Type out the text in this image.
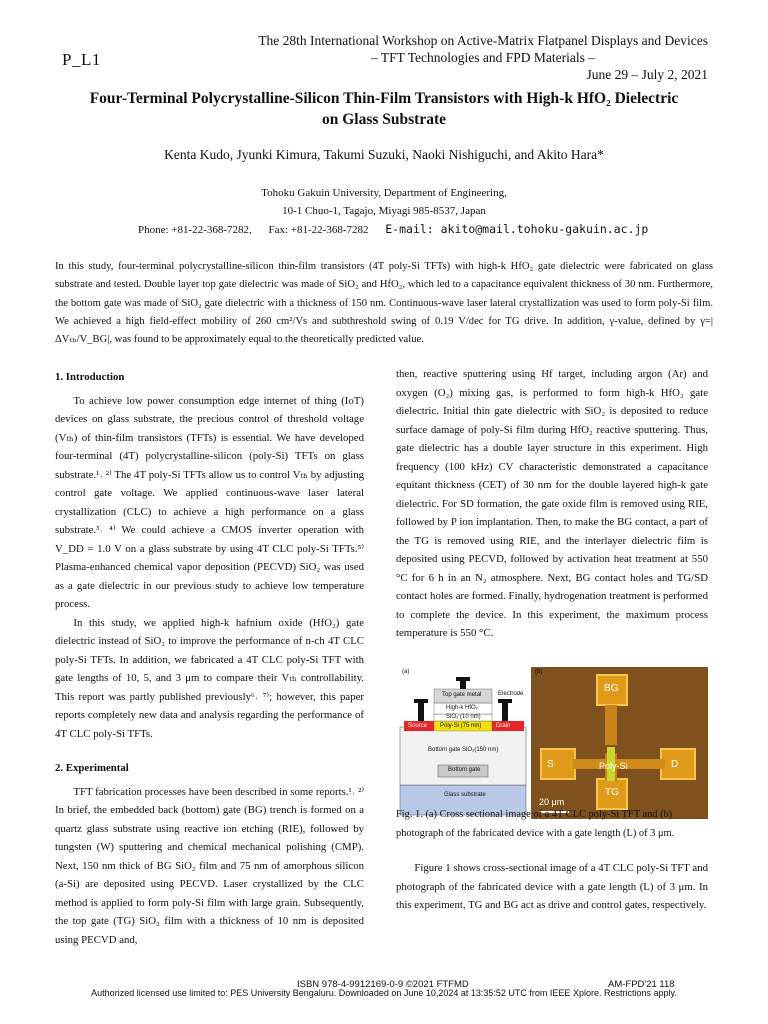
P_L1
The 28th International Workshop on Active-Matrix Flatpanel Displays and Devices
– TFT Technologies and FPD Materials –
June 29 – July 2, 2021
Four-Terminal Polycrystalline-Silicon Thin-Film Transistors with High-k HfO₂ Dielectric
on Glass Substrate
Kenta Kudo, Jyunki Kimura, Takumi Suzuki, Naoki Nishiguchi, and Akito Hara*
Tohoku Gakuin University, Department of Engineering,
10-1 Chuo-1, Tagajo, Miyagi 985-8537, Japan
Phone: +81-22-368-7282, Fax: +81-22-368-7282 E-mail: akito@mail.tohoku-gakuin.ac.jp
In this study, four-terminal polycrystalline-silicon thin-film transistors (4T poly-Si TFTs) with high-k HfO₂ gate dielectric were fabricated on glass substrate and tested. Double layer top gate dielectric was made of SiO₂ and HfO₂, which led to a capacitance equivalent thickness of 30 nm. Furthermore, the bottom gate was made of SiO₂ gate dielectric with a thickness of 150 nm. Continuous-wave laser lateral crystallization was used to form poly-Si film. We achieved a high field-effect mobility of 260 cm²/Vs and subthreshold swing of 0.19 V/dec for TG drive. In addition, γ-value, defined by γ=|ΔVₜₕ/V_BG|, was found to be approximately equal to the theoretically predicted value.
1. Introduction

To achieve low power consumption edge internet of thing (IoT) devices on glass substrate, the precious control of threshold voltage (Vₜₕ) of thin-film transistors (TFTs) is essential. We have developed four-terminal (4T) polycrystalline-silicon (poly-Si) TFTs on glass substrate.¹˒ ²⁾ The 4T poly-Si TFTs allow us to control Vₜₕ by adjusting control gate voltage. We applied continuous-wave laser lateral crystallization (CLC) to achieve a high performance on a glass substrate.³˒ ⁴⁾ We could achieve a CMOS inverter operation with V_DD = 1.0 V on a glass substrate by using 4T CLC poly-Si TFTs.⁵⁾ Plasma-enhanced chemical vapor deposition (PECVD) SiO₂ was used as a gate dielectric in our previous study to achieve low temperature process.

In this study, we applied high-k hafnium oxide (HfO₂) gate dielectric instead of SiO₂ to improve the performance of n-ch 4T CLC poly-Si TFTs. In addition, we fabricated a 4T CLC poly-Si TFT with gate lengths of 10, 5, and 3 μm to compare their Vₜₕ controllability. This report was partly published previously⁶˒ ⁷⁾; however, this paper reports completely new data and analysis regarding the performance of 4T CLC poly-Si TFTs.

2. Experimental

TFT fabrication processes have been described in some reports.¹˒ ²⁾ In brief, the embedded back (bottom) gate (BG) trench is formed on a quartz glass substrate using reactive ion etching (RIE), followed by tungsten (W) sputtering and chemical mechanical polishing (CMP). Next, 150 nm thick of BG SiO₂ film and 75 nm of amorphous silicon (a-Si) are deposited using PECVD. Laser crystallized by the CLC method is applied to form poly-Si film with large grain. Subsequently, the top gate (TG) SiO₂ film with a thickness of 10 nm is deposited using PECVD and,

then, reactive sputtering using Hf target, including argon (Ar) and oxygen (O₂) mixing gas, is performed to form high-k HfO₂ gate dielectric. Initial thin gate dielectric with SiO₂ is deposited to reduce surface damage of poly-Si film during HfO₂ reactive sputtering. Thus, gate dielectric has a double layer structure in this experiment. High frequency (100 kHz) CV characteristic demonstrated a capacitance equitant thickness (CET) of 30 nm for the double layered high-k gate dielectric. For SD formation, the gate oxide film is removed using RIE, followed by P ion implantation. Then, to make the BG contact, a part of the TG is removed using RIE, and the interlayer dielectric film is deposited using PECVD, followed by activation heat treatment at 550 °C for 6 h in an N₂ atmosphere. Next, BG contact holes and TG/SD contact holes are formed. Finally, hydrogenation treatment is performed to complete the device. In this experiment, the maximum process temperature is 550 °C.

(a)
Electrode
Top gate metal
High-k HfO₂
SiO₂ (10 nm)
Poly-Si (75 nm)
Source	Drain
Bottom gate SiO₂(150 nm)
Bottom gate
Glass substrate
(b)
BG
TG
S	D
Poly-Si
20 μm
Fig. 1. (a) Cross sectional image of a 4T CLC poly-Si TFT and (b) photograph of the fabricated device with a gate length (L) of 3 μm.

Figure 1 shows cross-sectional image of a 4T CLC poly-Si TFT and photograph of the fabricated device with a gate length (L) of 3 μm. In this experiment, TG and BG act as drive and control gates, respectively.

ISBN 978-4-9912169-0-9 ©2021 FTFMD	AM-FPD'21 118
Authorized licensed use limited to: PES University Bengaluru. Downloaded on June 10,2024 at 13:35:52 UTC from IEEE Xplore. Restrictions apply.
